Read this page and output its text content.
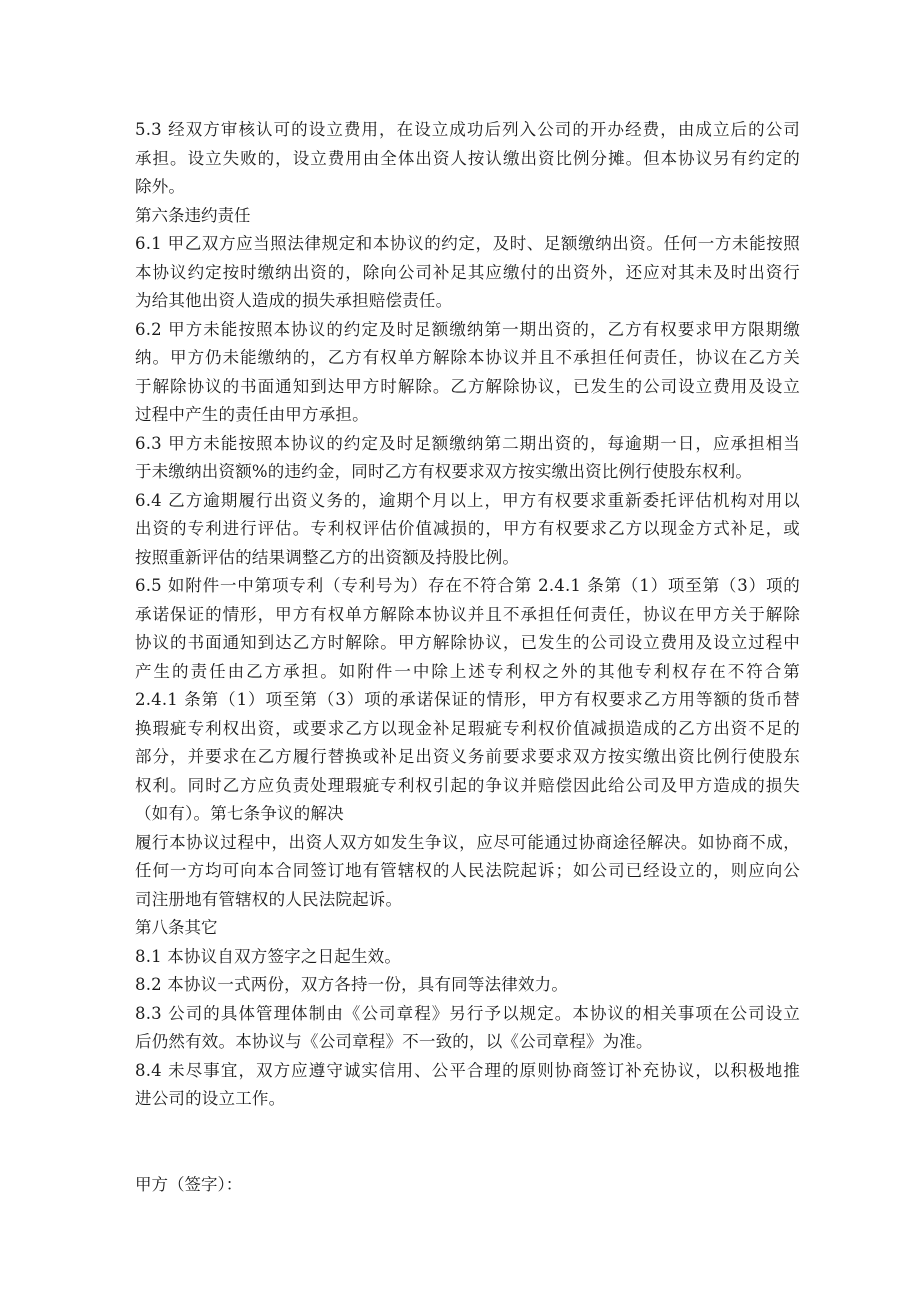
5.3 经双方审核认可的设立费用，在设立成功后列入公司的开办经费，由成立后的公司
承担。设立失败的，设立费用由全体出资人按认缴出资比例分摊。但本协议另有约定的
除外。
第六条违约责任
6.1 甲乙双方应当照法律规定和本协议的约定，及时、足额缴纳出资。任何一方未能按照
本协议约定按时缴纳出资的，除向公司补足其应缴付的出资外，还应对其未及时出资行
为给其他出资人造成的损失承担赔偿责任。
6.2 甲方未能按照本协议的约定及时足额缴纳第一期出资的，乙方有权要求甲方限期缴
纳。甲方仍未能缴纳的，乙方有权单方解除本协议并且不承担任何责任，协议在乙方关
于解除协议的书面通知到达甲方时解除。乙方解除协议，已发生的公司设立费用及设立
过程中产生的责任由甲方承担。
6.3 甲方未能按照本协议的约定及时足额缴纳第二期出资的，每逾期一日，应承担相当
于未缴纳出资额%的违约金，同时乙方有权要求双方按实缴出资比例行使股东权利。
6.4 乙方逾期履行出资义务的，逾期个月以上，甲方有权要求重新委托评估机构对用以
出资的专利进行评估。专利权评估价值减损的，甲方有权要求乙方以现金方式补足，或
按照重新评估的结果调整乙方的出资额及持股比例。
6.5 如附件一中第项专利（专利号为）存在不符合第 2.4.1 条第（1）项至第（3）项的
承诺保证的情形，甲方有权单方解除本协议并且不承担任何责任，协议在甲方关于解除
协议的书面通知到达乙方时解除。甲方解除协议，已发生的公司设立费用及设立过程中
产生的责任由乙方承担。如附件一中除上述专利权之外的其他专利权存在不符合第
2.4.1 条第（1）项至第（3）项的承诺保证的情形，甲方有权要求乙方用等额的货币替
换瑕疵专利权出资，或要求乙方以现金补足瑕疵专利权价值减损造成的乙方出资不足的
部分，并要求在乙方履行替换或补足出资义务前要求要求双方按实缴出资比例行使股东
权利。同时乙方应负责处理瑕疵专利权引起的争议并赔偿因此给公司及甲方造成的损失
（如有）。第七条争议的解决
履行本协议过程中，出资人双方如发生争议，应尽可能通过协商途径解决。如协商不成，
任何一方均可向本合同签订地有管辖权的人民法院起诉；如公司已经设立的，则应向公
司注册地有管辖权的人民法院起诉。
第八条其它
8.1 本协议自双方签字之日起生效。
8.2 本协议一式两份，双方各持一份，具有同等法律效力。
8.3 公司的具体管理体制由《公司章程》另行予以规定。本协议的相关事项在公司设立
后仍然有效。本协议与《公司章程》不一致的，以《公司章程》为准。
8.4 未尽事宜，双方应遵守诚实信用、公平合理的原则协商签订补充协议，以积极地推
进公司的设立工作。
甲方（签字）：
